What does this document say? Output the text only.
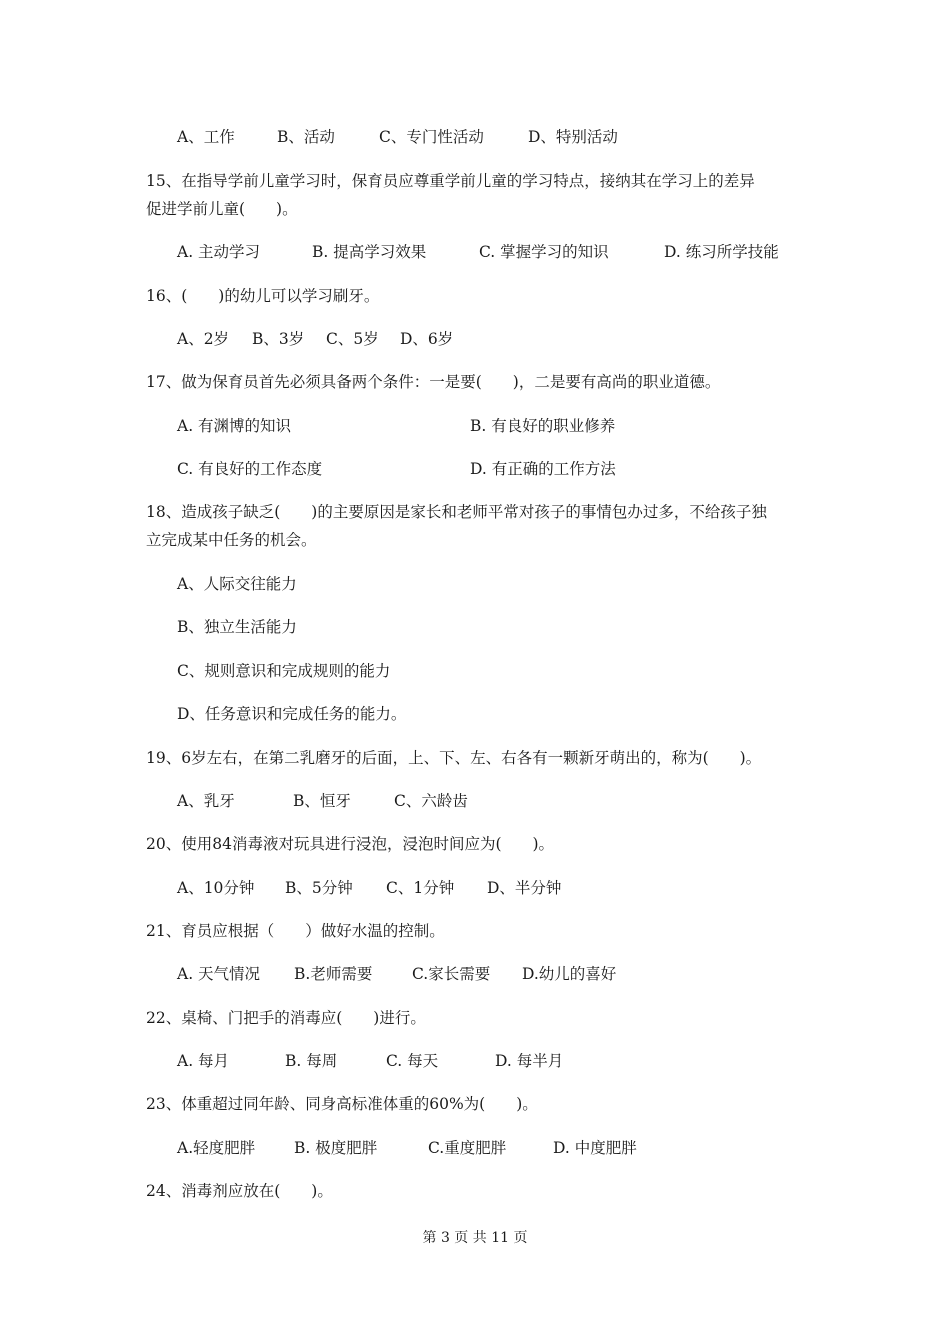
A、工作	B、活动	C、专门性活动	D、特别活动
15、在指导学前儿童学习时，保育员应尊重学前儿童的学习特点，接纳其在学习上的差异
促进学前儿童(　　)。
A. 主动学习	B. 提高学习效果	C. 掌握学习的知识	D. 练习所学技能
16、(　　)的幼儿可以学习刷牙。
A、2岁	B、3岁	C、5岁	D、6岁
17、做为保育员首先必须具备两个条件：一是要(　　)，二是要有高尚的职业道德。
A. 有渊博的知识	B. 有良好的职业修养
C. 有良好的工作态度	D. 有正确的工作方法
18、造成孩子缺乏(　　)的主要原因是家长和老师平常对孩子的事情包办过多，不给孩子独
立完成某中任务的机会。
A、人际交往能力
B、独立生活能力
C、规则意识和完成规则的能力
D、任务意识和完成任务的能力。
19、6岁左右，在第二乳磨牙的后面，上、下、左、右各有一颗新牙萌出的，称为(　　)。
A、乳牙	B、恒牙	C、六龄齿
20、使用84消毒液对玩具进行浸泡，浸泡时间应为(　　)。
A、10分钟	B、5分钟	C、1分钟	D、半分钟
21、育员应根据（　　）做好水温的控制。
A. 天气情况	B.老师需要	C.家长需要	D.幼儿的喜好
22、桌椅、门把手的消毒应(　　)进行。
A. 每月	B. 每周	C. 每天	D. 每半月
23、体重超过同年龄、同身高标准体重的60%为(　　)。
A.轻度肥胖	B. 极度肥胖	C.重度肥胖	D. 中度肥胖
24、消毒剂应放在(　　)。
第 3 页 共 11 页
